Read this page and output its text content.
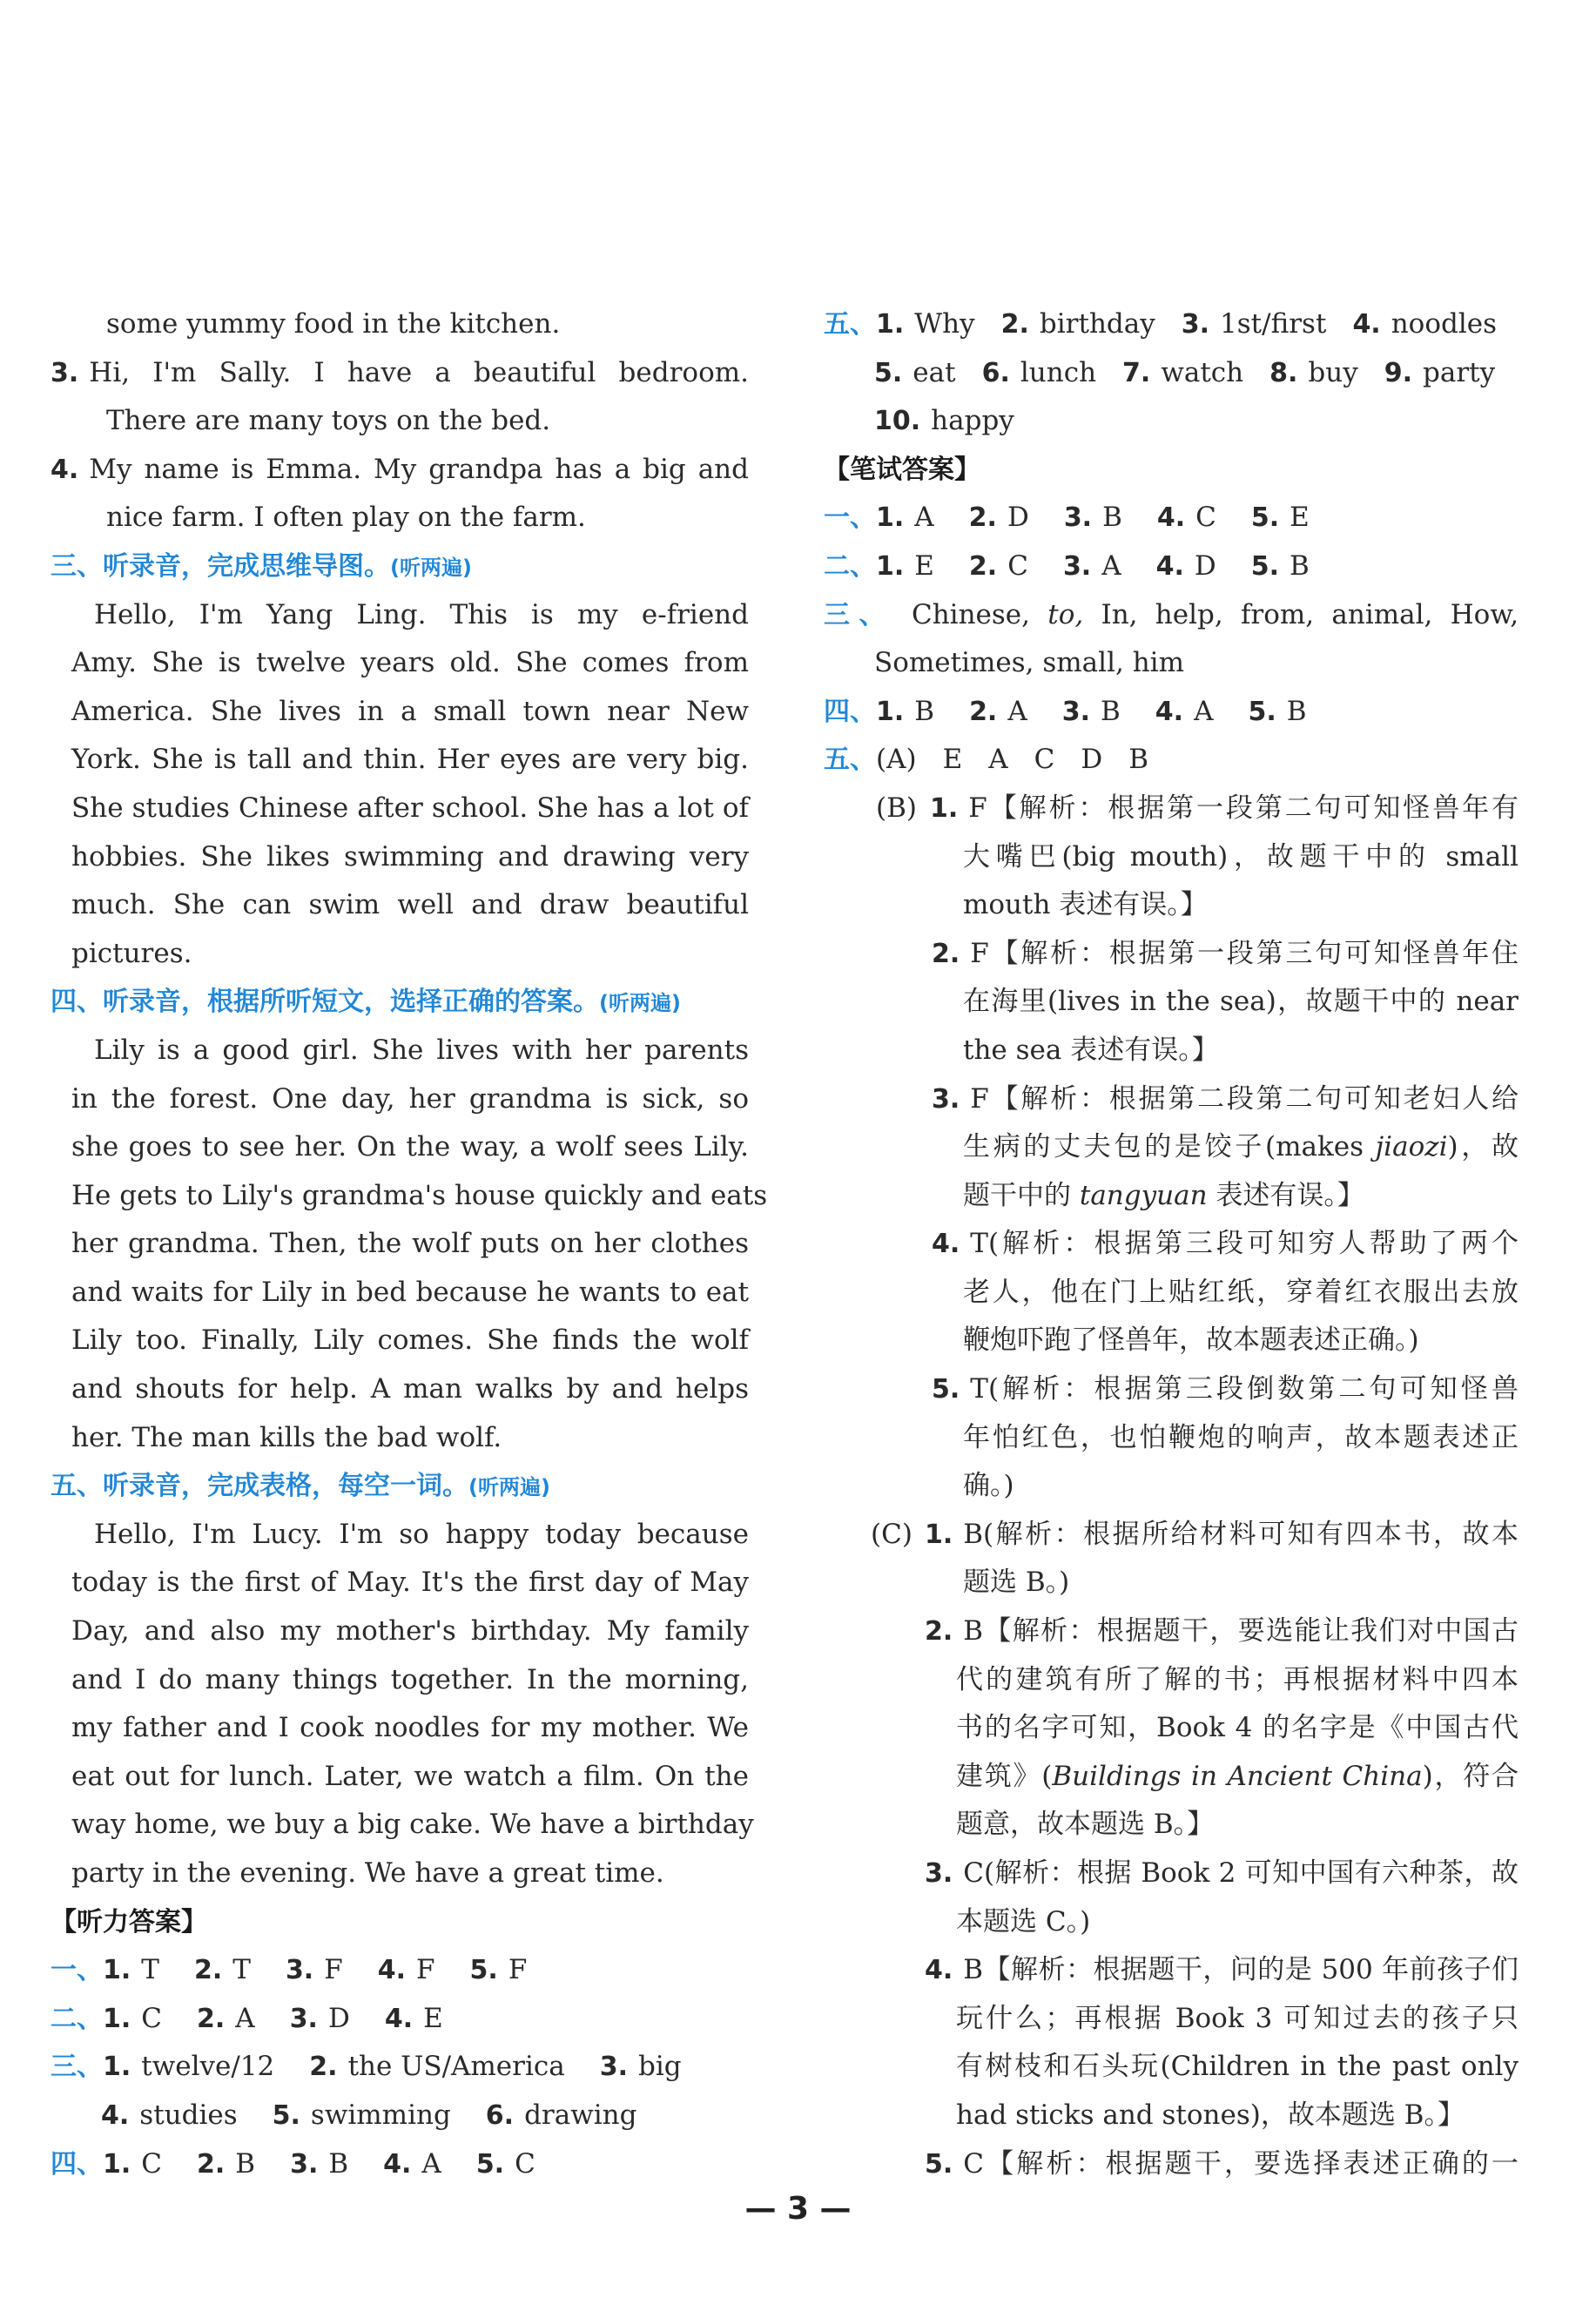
some yummy food in the kitchen.
3. Hi, I'm Sally. I have a beautiful bedroom.
There are many toys on the bed.
4. My name is Emma. My grandpa has a big and
nice farm. I often play on the farm.
三、听录音，完成思维导图。(听两遍)
Hello, I'm Yang Ling. This is my e-friend
Amy. She is twelve years old. She comes from
America. She lives in a small town near New
York. She is tall and thin. Her eyes are very big.
She studies Chinese after school. She has a lot of
hobbies. She likes swimming and drawing very
much. She can swim well and draw beautiful
pictures.
四、听录音，根据所听短文，选择正确的答案。(听两遍)
Lily is a good girl. She lives with her parents
in the forest. One day, her grandma is sick, so
she goes to see her. On the way, a wolf sees Lily.
He gets to Lily's grandma's house quickly and eats
her grandma. Then, the wolf puts on her clothes
and waits for Lily in bed because he wants to eat
Lily too. Finally, Lily comes. She finds the wolf
and shouts for help. A man walks by and helps
her. The man kills the bad wolf.
五、听录音，完成表格，每空一词。(听两遍)
Hello, I'm Lucy. I'm so happy today because
today is the first of May. It's the first day of May
Day, and also my mother's birthday. My family
and I do many things together. In the morning,
my father and I cook noodles for my mother. We
eat out for lunch. Later, we watch a film. On the
way home, we buy a big cake. We have a birthday
party in the evening. We have a great time.
【听力答案】
一、1. T 2. T 3. F 4. F 5. F
二、1. C 2. A 3. D 4. E
三、1. twelve/12 2. the US/America 3. big
4. studies 5. swimming 6. drawing
四、1. C 2. B 3. B 4. A 5. C
五、1. Why 2. birthday 3. 1st/first 4. noodles
5. eat 6. lunch 7. watch 8. buy 9. party
10. happy
【笔试答案】
一、1. A 2. D 3. B 4. C 5. E
二、1. E 2. C 3. A 4. D 5. B
三、 Chinese, to, In, help, from, animal, How,
Sometimes, small, him
四、1. B 2. A 3. B 4. A 5. B
五、(A) E A C D B
(B) 1. F【解析：根据第一段第二句可知怪兽年有
大嘴巴(big mouth)，故题干中的 small
mouth 表述有误。】
2. F【解析：根据第一段第三句可知怪兽年住
在海里(lives in the sea)，故题干中的 near
the sea 表述有误。】
3. F【解析：根据第二段第二句可知老妇人给
生病的丈夫包的是饺子(makes jiaozi)，故
题干中的 tangyuan 表述有误。】
4. T(解析：根据第三段可知穷人帮助了两个
老人，他在门上贴红纸，穿着红衣服出去放
鞭炮吓跑了怪兽年，故本题表述正确。)
5. T(解析：根据第三段倒数第二句可知怪兽
年怕红色，也怕鞭炮的响声，故本题表述正
确。)
(C) 1. B(解析：根据所给材料可知有四本书，故本
题选 B。)
2. B【解析：根据题干，要选能让我们对中国古
代的建筑有所了解的书；再根据材料中四本
书的名字可知，Book 4 的名字是《中国古代
建筑》(Buildings in Ancient China)，符合
题意，故本题选 B。】
3. C(解析：根据 Book 2 可知中国有六种茶，故
本题选 C。)
4. B【解析：根据题干，问的是 500 年前孩子们
玩什么；再根据 Book 3 可知过去的孩子只
有树枝和石头玩(Children in the past only
had sticks and stones)，故本题选 B。】
5. C【解析：根据题干，要选择表述正确的一
— 3 —
